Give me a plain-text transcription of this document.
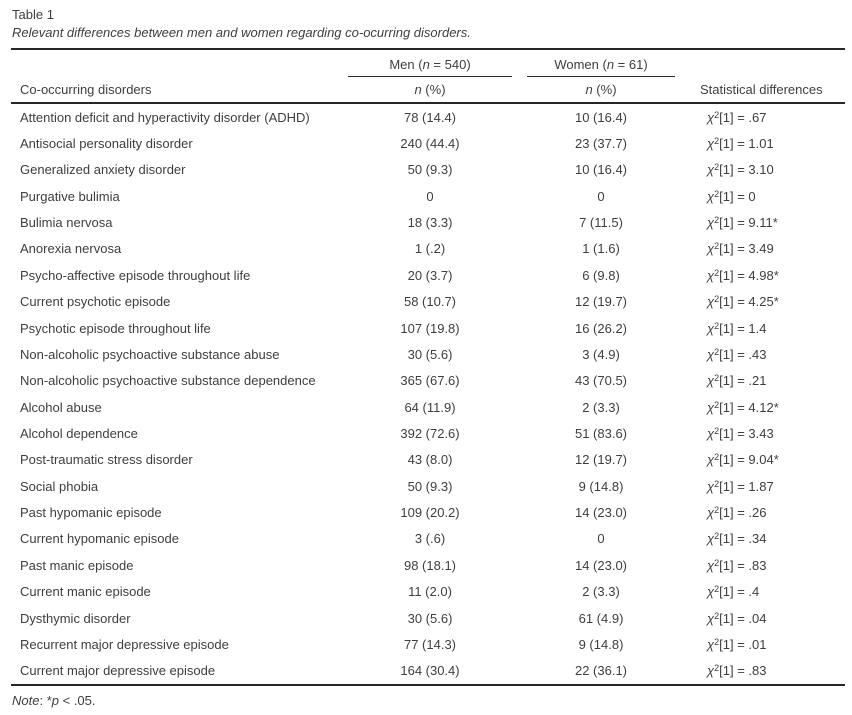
Table 1
Relevant differences between men and women regarding co-ocurring disorders.
Men (n = 540)	Women (n = 61)
Co-occurring disorders	n (%)	n (%)	Statistical differences
Attention deficit and hyperactivity disorder (ADHD)	78 (14.4)	10 (16.4)	$\chi^2[1] = .67$
Antisocial personality disorder	240 (44.4)	23 (37.7)	$\chi^2[1] = 1.01$
Generalized anxiety disorder	50 (9.3)	10 (16.4)	$\chi^2[1] = 3.10$
Purgative bulimia	0	0	$\chi^2[1] = 0$
Bulimia nervosa	18 (3.3)	7 (11.5)	$\chi^2[1] = 9.11*$
Anorexia nervosa	1 (.2)	1 (1.6)	$\chi^2[1] = 3.49$
Psycho-affective episode throughout life	20 (3.7)	6 (9.8)	$\chi^2[1] = 4.98*$
Current psychotic episode	58 (10.7)	12 (19.7)	$\chi^2[1] = 4.25*$
Psychotic episode throughout life	107 (19.8)	16 (26.2)	$\chi^2[1] = 1.4$
Non-alcoholic psychoactive substance abuse	30 (5.6)	3 (4.9)	$\chi^2[1] = .43$
Non-alcoholic psychoactive substance dependence	365 (67.6)	43 (70.5)	$\chi^2[1] = .21$
Alcohol abuse	64 (11.9)	2 (3.3)	$\chi^2[1] = 4.12*$
Alcohol dependence	392 (72.6)	51 (83.6)	$\chi^2[1] = 3.43$
Post-traumatic stress disorder	43 (8.0)	12 (19.7)	$\chi^2[1] = 9.04*$
Social phobia	50 (9.3)	9 (14.8)	$\chi^2[1] = 1.87$
Past hypomanic episode	109 (20.2)	14 (23.0)	$\chi^2[1] = .26$
Current hypomanic episode	3 (.6)	0	$\chi^2[1] = .34$
Past manic episode	98 (18.1)	14 (23.0)	$\chi^2[1] = .83$
Current manic episode	11 (2.0)	2 (3.3)	$\chi^2[1] = .4$
Dysthymic disorder	30 (5.6)	61 (4.9)	$\chi^2[1] = .04$
Recurrent major depressive episode	77 (14.3)	9 (14.8)	$\chi^2[1] = .01$
Current major depressive episode	164 (30.4)	22 (36.1)	$\chi^2[1] = .83$
Note: *p < .05.
